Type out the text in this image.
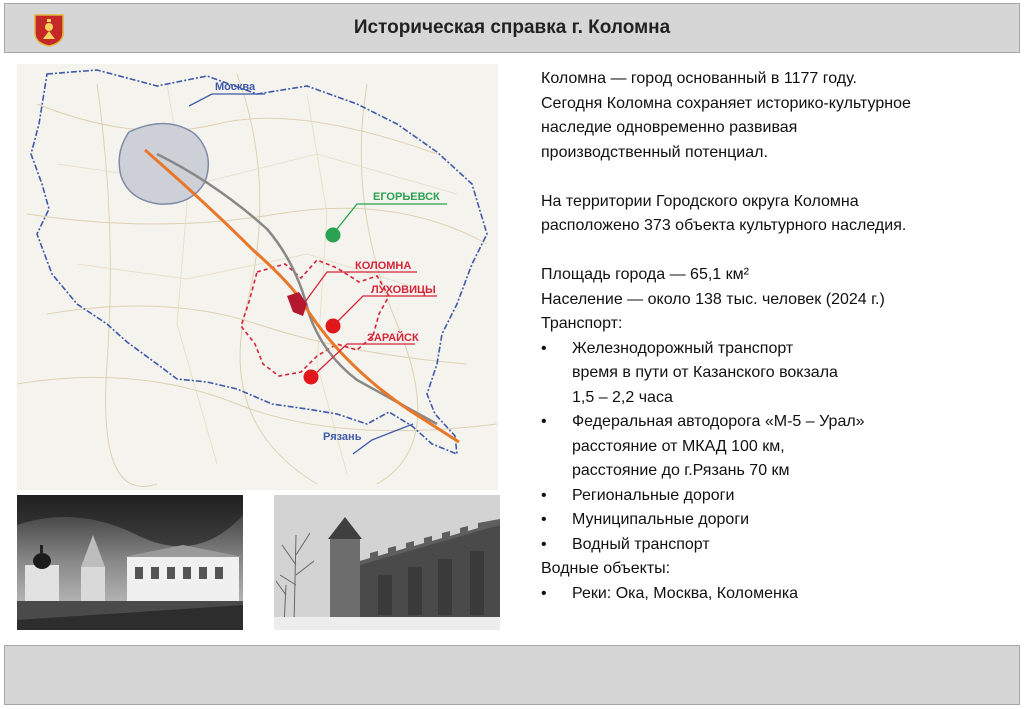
Историческая справка г. Коломна
Москва
ЕГОРЬЕВСК
КОЛОМНА
ЛУХОВИЦЫ
ЗАРАЙСК
Рязань

Коломна — город основанный в 1177 году.

Сегодня Коломна сохраняет историко-культурное

наследие одновременно развивая

производственный потенциал.

На территории Городского округа Коломна

расположено 373 объекта культурного наследия.

Площадь города — 65,1 км²

Население — около 138 тыс. человек (2024 г.)

Транспорт:

• Железнодорожный транспорт
время в пути от Казанского вокзала
1,5 – 2,2 часа
• Федеральная автодорога «М-5 – Урал»
расстояние от МКАД 100 км,
расстояние до г.Рязань 70 км
• Региональные дороги
• Муниципальные дороги
• Водный транспорт

Водные объекты:

• Реки: Ока, Москва, Коломенка
